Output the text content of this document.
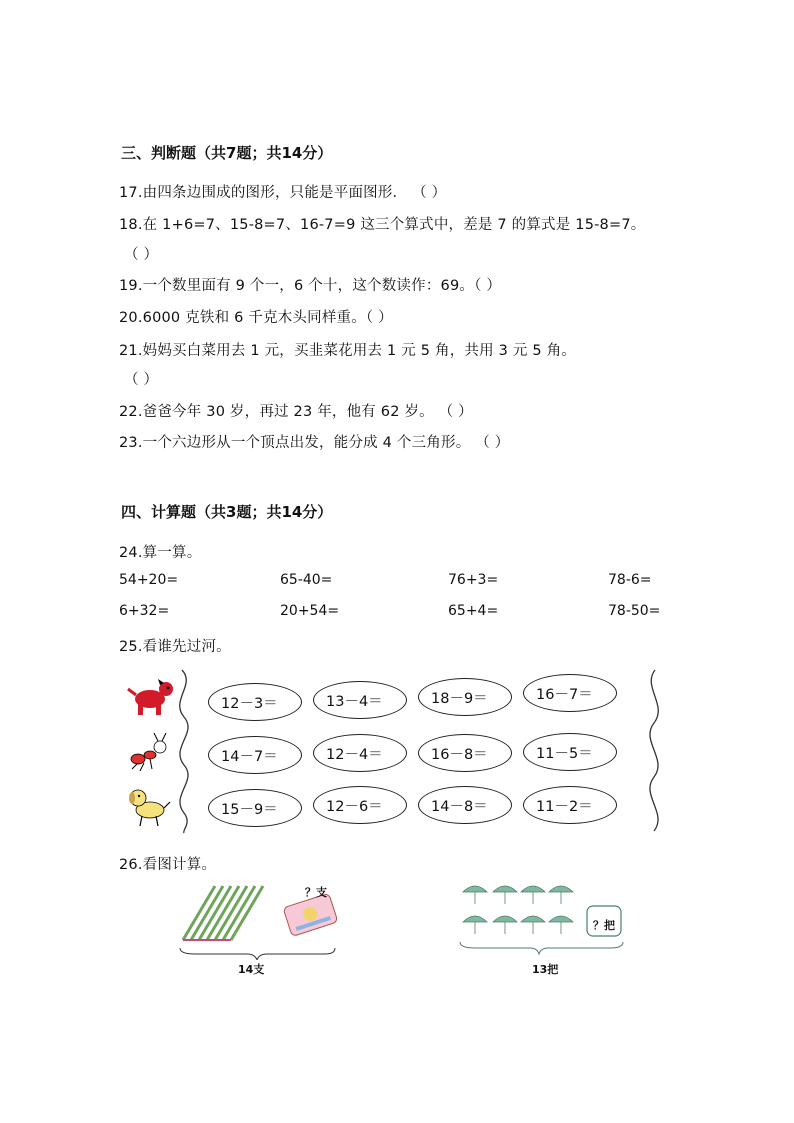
三、判断题（共7题；共14分）
17.由四条边围成的图形，只能是平面图形． （ ）
18.在 1+6=7、15-8=7、16-7=9 这三个算式中，差是 7 的算式是 15-8=7。
（ ）
19.一个数里面有 9 个一，6 个十，这个数读作：69。（ ）
20.6000 克铁和 6 千克木头同样重。（ ）
21.妈妈买白菜用去 1 元，买韭菜花用去 1 元 5 角，共用 3 元 5 角。
（ ）
22.爸爸今年 30 岁，再过 23 年，他有 62 岁。 （ ）
23.一个六边形从一个顶点出发，能分成 4 个三角形。 （ ）
四、计算题（共3题；共14分）
24.算一算。
54+20=	65-40=	76+3=	78-6=
6+32=	20+54=	65+4=	78-50=
25.看谁先过河。
12－3＝	13－4＝	18－9＝	16－7＝
14－7＝	12－4＝	16－8＝	11－5＝
15－9＝	12－6＝	14－8＝	11－2＝
26.看图计算。
？支
14支
？把
13把
